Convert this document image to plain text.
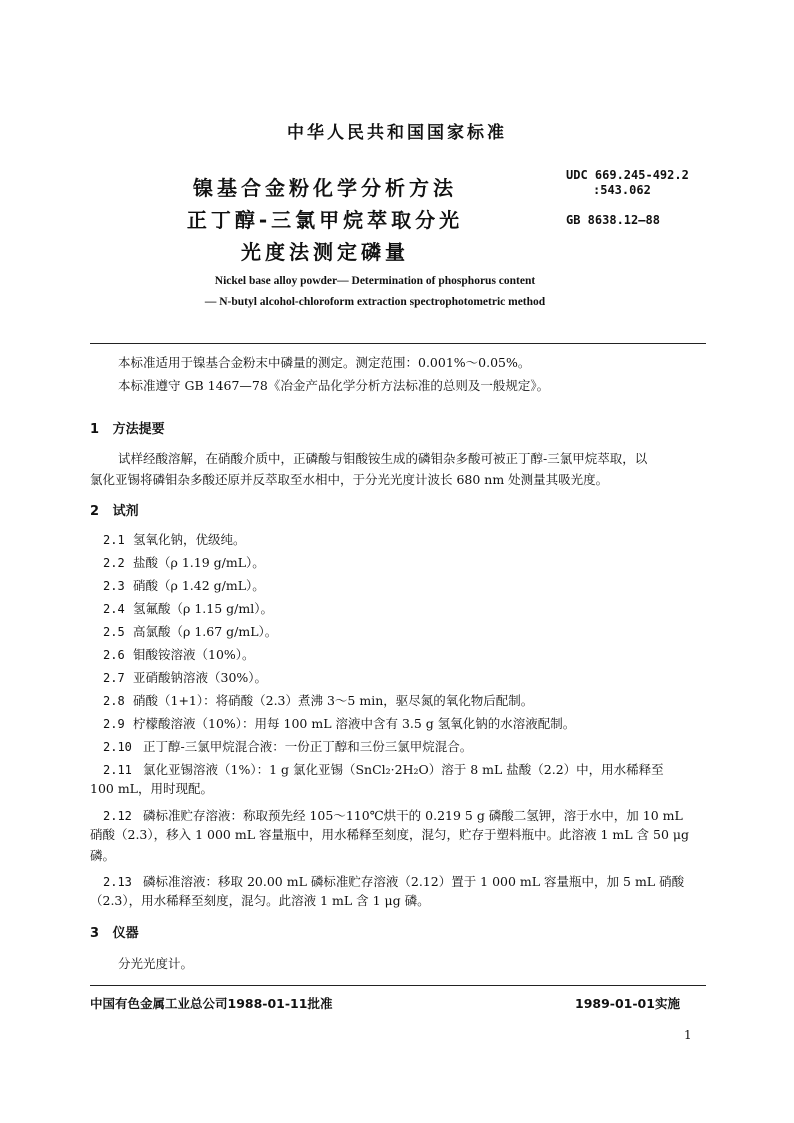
中华人民共和国国家标准
镍基合金粉化学分析方法
正丁醇-三氯甲烷萃取分光
光度法测定磷量
UDC 669.245-492.2
:543.062
GB 8638.12—88
Nickel base alloy powder— Determination of phosphorus content
— N-butyl alcohol-chloroform extraction spectrophotometric method
本标准适用于镍基合金粉末中磷量的测定。测定范围：0.001%～0.05%。
本标准遵守 GB 1467—78《冶金产品化学分析方法标准的总则及一般规定》。
1 方法提要
试样经酸溶解，在硝酸介质中，正磷酸与钼酸铵生成的磷钼杂多酸可被正丁醇-三氯甲烷萃取，以
氯化亚锡将磷钼杂多酸还原并反萃取至水相中，于分光光度计波长 680 nm 处测量其吸光度。
2 试剂
2.1 氢氧化钠，优级纯。
2.2 盐酸（ρ 1.19 g/mL）。
2.3 硝酸（ρ 1.42 g/mL）。
2.4 氢氟酸（ρ 1.15 g/ml）。
2.5 高氯酸（ρ 1.67 g/mL）。
2.6 钼酸铵溶液（10%）。
2.7 亚硝酸钠溶液（30%）。
2.8 硝酸（1+1）：将硝酸（2.3）煮沸 3～5 min，驱尽氮的氧化物后配制。
2.9 柠檬酸溶液（10%）：用每 100 mL 溶液中含有 3.5 g 氢氧化钠的水溶液配制。
2.10 正丁醇-三氯甲烷混合液：一份正丁醇和三份三氯甲烷混合。
2.11 氯化亚锡溶液（1%）：1 g 氯化亚锡（SnCl₂·2H₂O）溶于 8 mL 盐酸（2.2）中，用水稀释至
100 mL，用时现配。
2.12 磷标准贮存溶液：称取预先经 105～110℃烘干的 0.219 5 g 磷酸二氢钾，溶于水中，加 10 mL
硝酸（2.3），移入 1 000 mL 容量瓶中，用水稀释至刻度，混匀，贮存于塑料瓶中。此溶液 1 mL 含 50 μg
磷。
2.13 磷标准溶液：移取 20.00 mL 磷标准贮存溶液（2.12）置于 1 000 mL 容量瓶中，加 5 mL 硝酸
（2.3），用水稀释至刻度，混匀。此溶液 1 mL 含 1 μg 磷。
3 仪器
分光光度计。
中国有色金属工业总公司1988-01-11批准	1989-01-01实施
1
